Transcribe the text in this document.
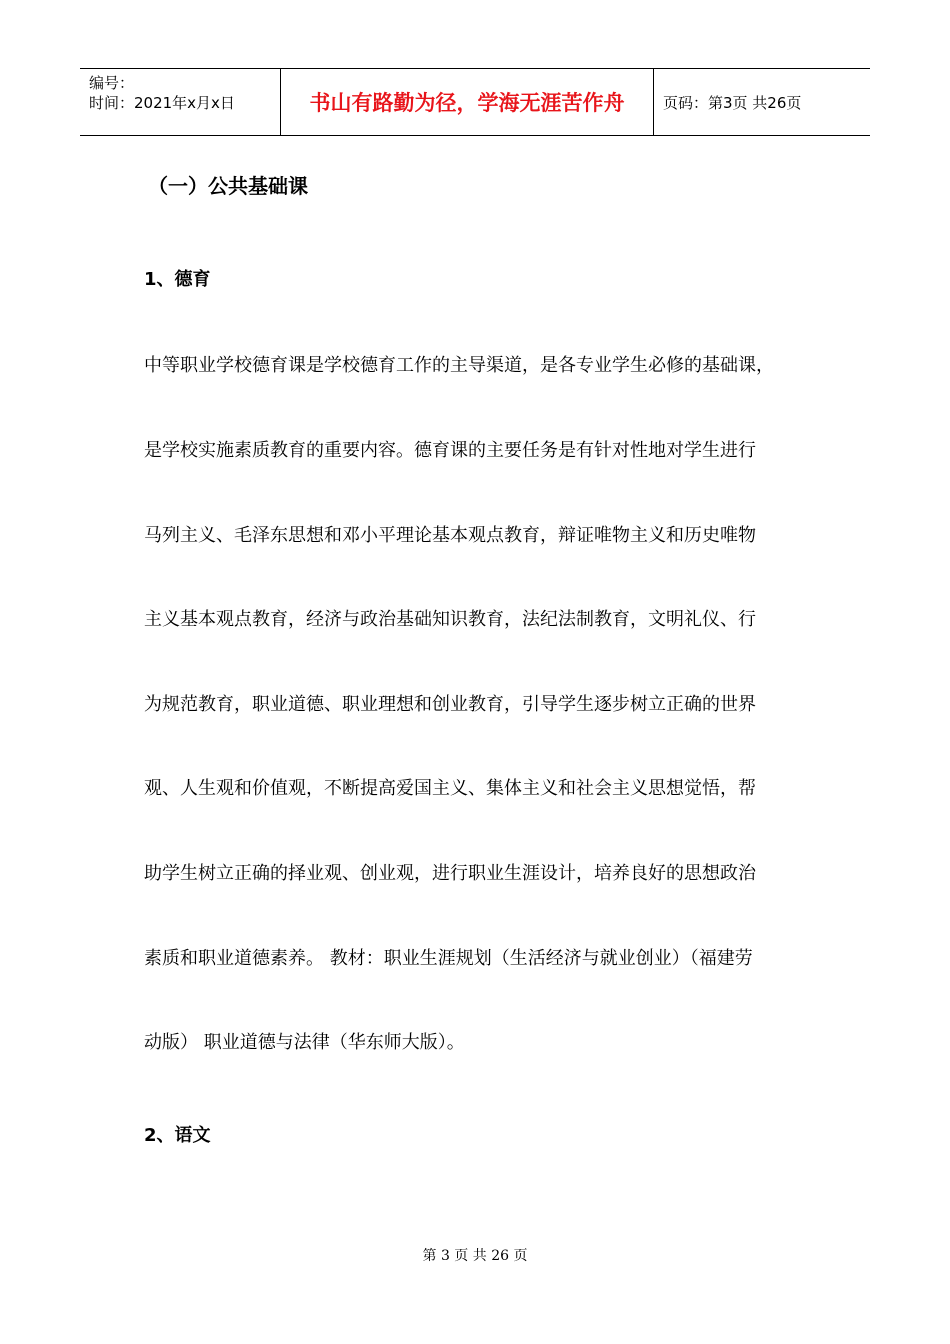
编号：
时间：2021年x月x日	书山有路勤为径，学海无涯苦作舟	页码：第3页 共26页
（一）公共基础课
1、德育
中等职业学校德育课是学校德育工作的主导渠道，是各专业学生必修的基础课，
是学校实施素质教育的重要内容。德育课的主要任务是有针对性地对学生进行
马列主义、毛泽东思想和邓小平理论基本观点教育，辩证唯物主义和历史唯物
主义基本观点教育，经济与政治基础知识教育，法纪法制教育，文明礼仪、行
为规范教育，职业道德、职业理想和创业教育，引导学生逐步树立正确的世界
观、人生观和价值观，不断提高爱国主义、集体主义和社会主义思想觉悟，帮
助学生树立正确的择业观、创业观，进行职业生涯设计，培养良好的思想政治
素质和职业道德素养。 教材：职业生涯规划（生活经济与就业创业）（福建劳
动版） 职业道德与法律（华东师大版）。
2、语文
第 3 页 共 26 页
